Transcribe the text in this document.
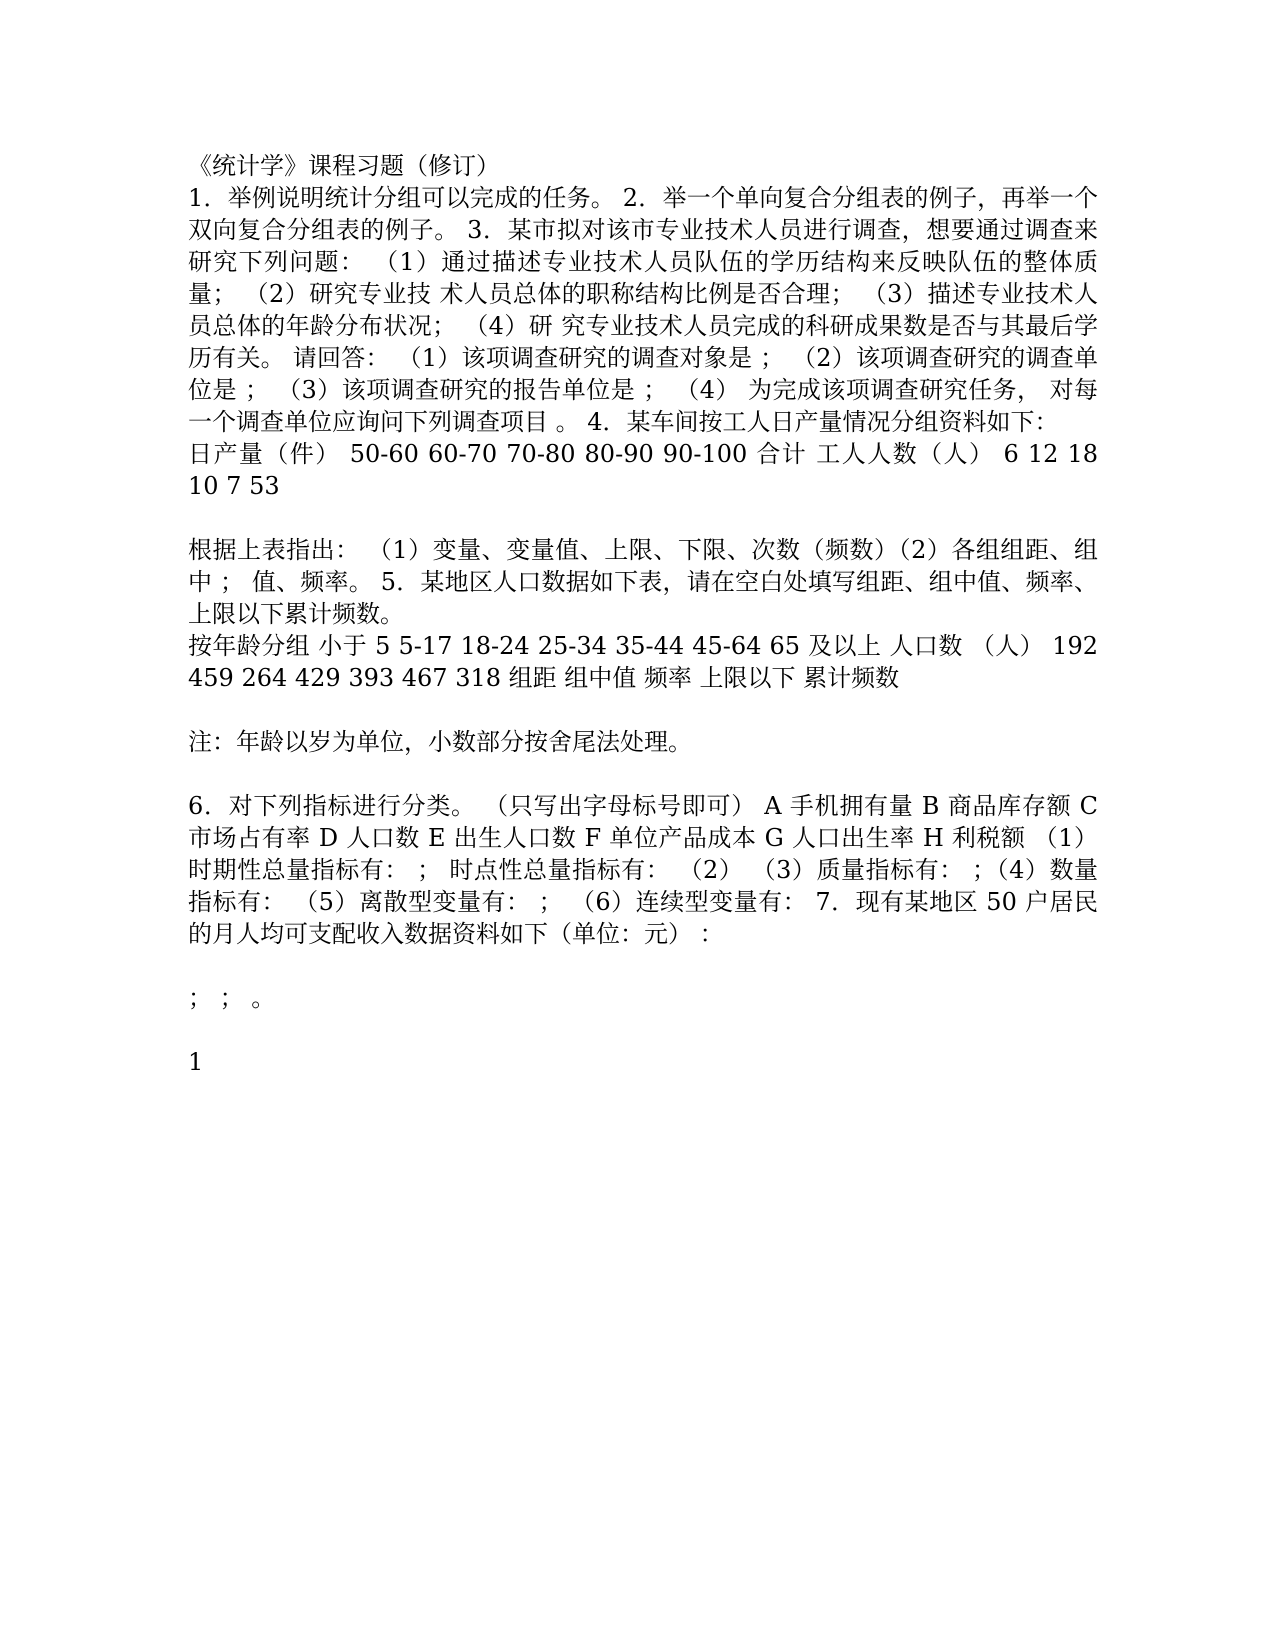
《统计学》课程习题（修订）

1．举例说明统计分组可以完成的任务。 2．举一个单向复合分组表的例子，再举一个双向复合分组表的例子。 3．某市拟对该市专业技术人员进行调查，想要通过调查来研究下列问题： （1）通过描述专业技术人员队伍的学历结构来反映队伍的整体质量； （2）研究专业技 术人员总体的职称结构比例是否合理； （3）描述专业技术人员总体的年龄分布状况； （4）研 究专业技术人员完成的科研成果数是否与其最后学历有关。 请回答： （1）该项调查研究的调查对象是 ； （2）该项调查研究的调查单位是 ； （3）该项调查研究的报告单位是 ； （4） 为完成该项调查研究任务， 对每一个调查单位应询问下列调查项目 。 4．某车间按工人日产量情况分组资料如下：

日产量（件） 50-60 60-70 70-80 80-90 90-100 合计 工人人数（人） 6 12 18 10 7 53

根据上表指出： （1）变量、变量值、上限、下限、次数（频数）（2）各组组距、组中 ； 值、频率。 5．某地区人口数据如下表，请在空白处填写组距、组中值、频率、上限以下累计频数。

按年龄分组 小于 5 5-17 18-24 25-34 35-44 45-64 65 及以上 人口数 （人） 192 459 264 429 393 467 318 组距 组中值 频率 上限以下 累计频数

注：年龄以岁为单位，小数部分按舍尾法处理。

6．对下列指标进行分类。 （只写出字母标号即可） A 手机拥有量 B 商品库存额 C 市场占有率 D 人口数 E 出生人口数 F 单位产品成本 G 人口出生率 H 利税额 （1） 时期性总量指标有： ； 时点性总量指标有： （2） （3）质量指标有： ；（4）数量指标有： （5）离散型变量有： ； （6）连续型变量有： 7．现有某地区 50 户居民的月人均可支配收入数据资料如下（单位：元） ：

； ； 。

1
